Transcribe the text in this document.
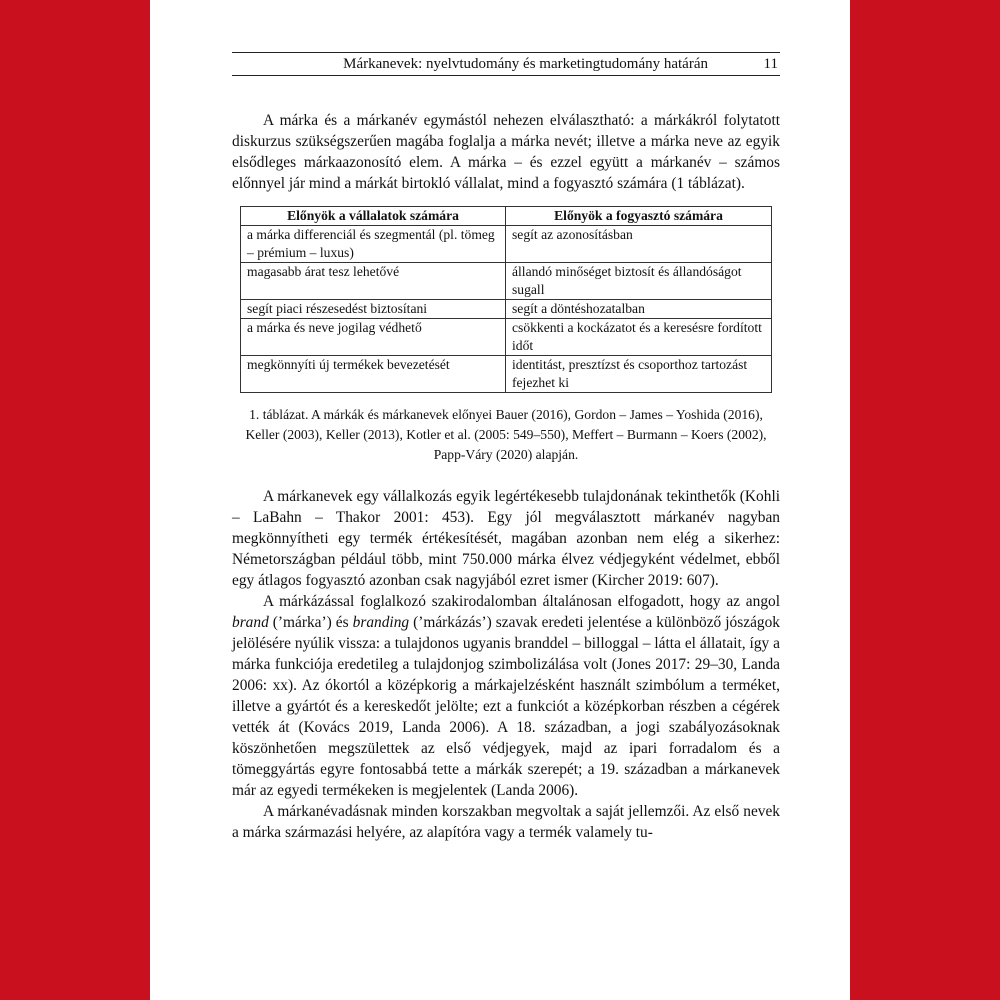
Márkanevek: nyelvtudomány és marketingtudomány határán	11

A márka és a márkanév egymástól nehezen elválasztható: a márkákról folytatott diskurzus szükségszerűen magába foglalja a márka nevét; illetve a márka neve az egyik elsődleges márkaazonosító elem. A márka – és ezzel együtt a márkanév – számos előnnyel jár mind a márkát birtokló vállalat, mind a fogyasztó számára (1 táblázat).

Előnyök a vállalatok számára	Előnyök a fogyasztó számára
a márka differenciál és szegmentál (pl. tömeg – prémium – luxus)	segít az azonosításban
magasabb árat tesz lehetővé	állandó minőséget biztosít és állandóságot sugall
segít piaci részesedést biztosítani	segít a döntéshozatalban
a márka és neve jogilag védhető	csökkenti a kockázatot és a keresésre fordított időt
megkönnyíti új termékek bevezetését	identitást, presztízst és csoporthoz tartozást fejezhet ki
1. táblázat. A márkák és márkanevek előnyei Bauer (2016), Gordon – James – Yoshida (2016), Keller (2003), Keller (2013), Kotler et al. (2005: 549–550), Meffert – Burmann – Koers (2002), Papp-Váry (2020) alapján.

A márkanevek egy vállalkozás egyik legértékesebb tulajdonának tekinthetők (Kohli – LaBahn – Thakor 2001: 453). Egy jól megválasztott márkanév nagyban megkönnyítheti egy termék értékesítését, magában azonban nem elég a sikerhez: Németországban például több, mint 750.000 márka élvez védjegyként védelmet, ebből egy átlagos fogyasztó azonban csak nagyjából ezret ismer (Kircher 2019: 607).

A márkázással foglalkozó szakirodalomban általánosan elfogadott, hogy az angol brand (’márka’) és branding (’márkázás’) szavak eredeti jelentése a különböző jószágok jelölésére nyúlik vissza: a tulajdonos ugyanis branddel – billoggal – látta el állatait, így a márka funkciója eredetileg a tulajdonjog szimbolizálása volt (Jones 2017: 29–30, Landa 2006: xx). Az ókortól a középkorig a márkajelzésként használt szimbólum a terméket, illetve a gyártót és a kereskedőt jelölte; ezt a funkciót a középkorban részben a cégérek vették át (Kovács 2019, Landa 2006). A 18. században, a jogi szabályozásoknak köszönhetően megszülettek az első védjegyek, majd az ipari forradalom és a tömeggyártás egyre fontosabbá tette a márkák szerepét; a 19. században a márkanevek már az egyedi termékeken is megjelentek (Landa 2006).

A márkanévadásnak minden korszakban megvoltak a saját jellemzői. Az első nevek a márka származási helyére, az alapítóra vagy a termék valamely tu-
